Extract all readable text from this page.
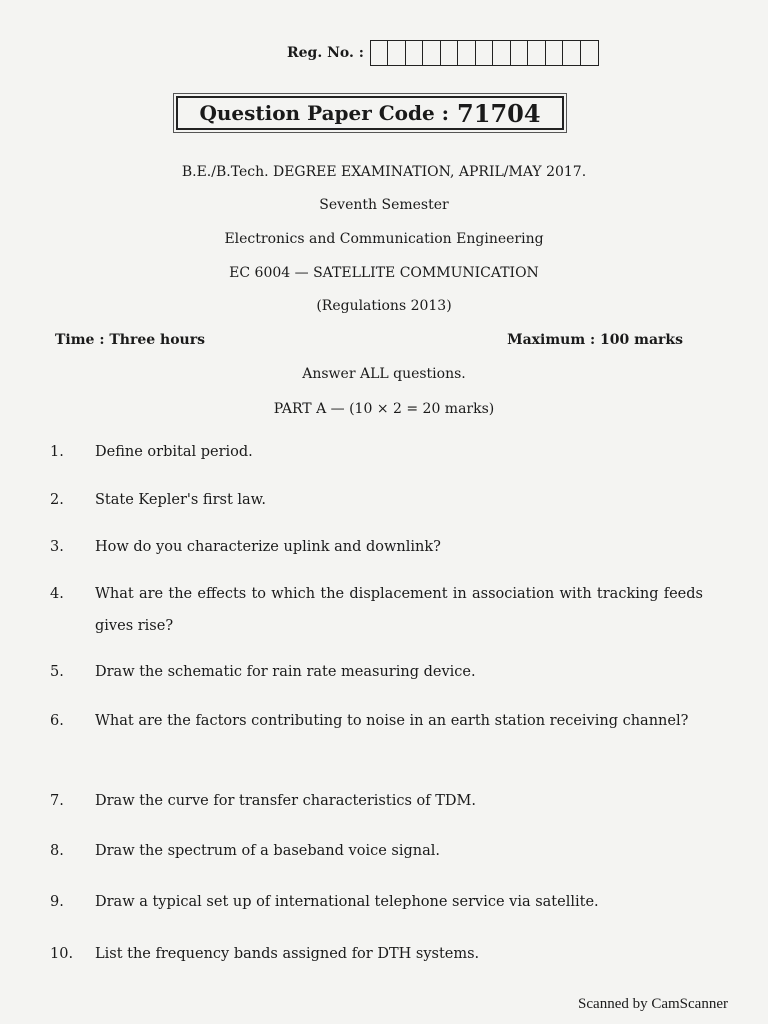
Reg. No. :
Question Paper Code : 71704
B.E./B.Tech. DEGREE EXAMINATION, APRIL/MAY 2017.
Seventh Semester
Electronics and Communication Engineering
EC 6004 — SATELLITE COMMUNICATION
(Regulations 2013)
Time : Three hours	Maximum : 100 marks
Answer ALL questions.
PART A — (10 × 2 = 20 marks)
1.	Define orbital period.
2.	State Kepler's first law.
3.	How do you characterize uplink and downlink?
4.	What are the effects to which the displacement in association with tracking feeds gives rise?
5.	Draw the schematic for rain rate measuring device.
6.	What are the factors contributing to noise in an earth station receiving channel?
7.	Draw the curve for transfer characteristics of TDM.
8.	Draw the spectrum of a baseband voice signal.
9.	Draw a typical set up of international telephone service via satellite.
10.	List the frequency bands assigned for DTH systems.
Scanned by CamScanner
